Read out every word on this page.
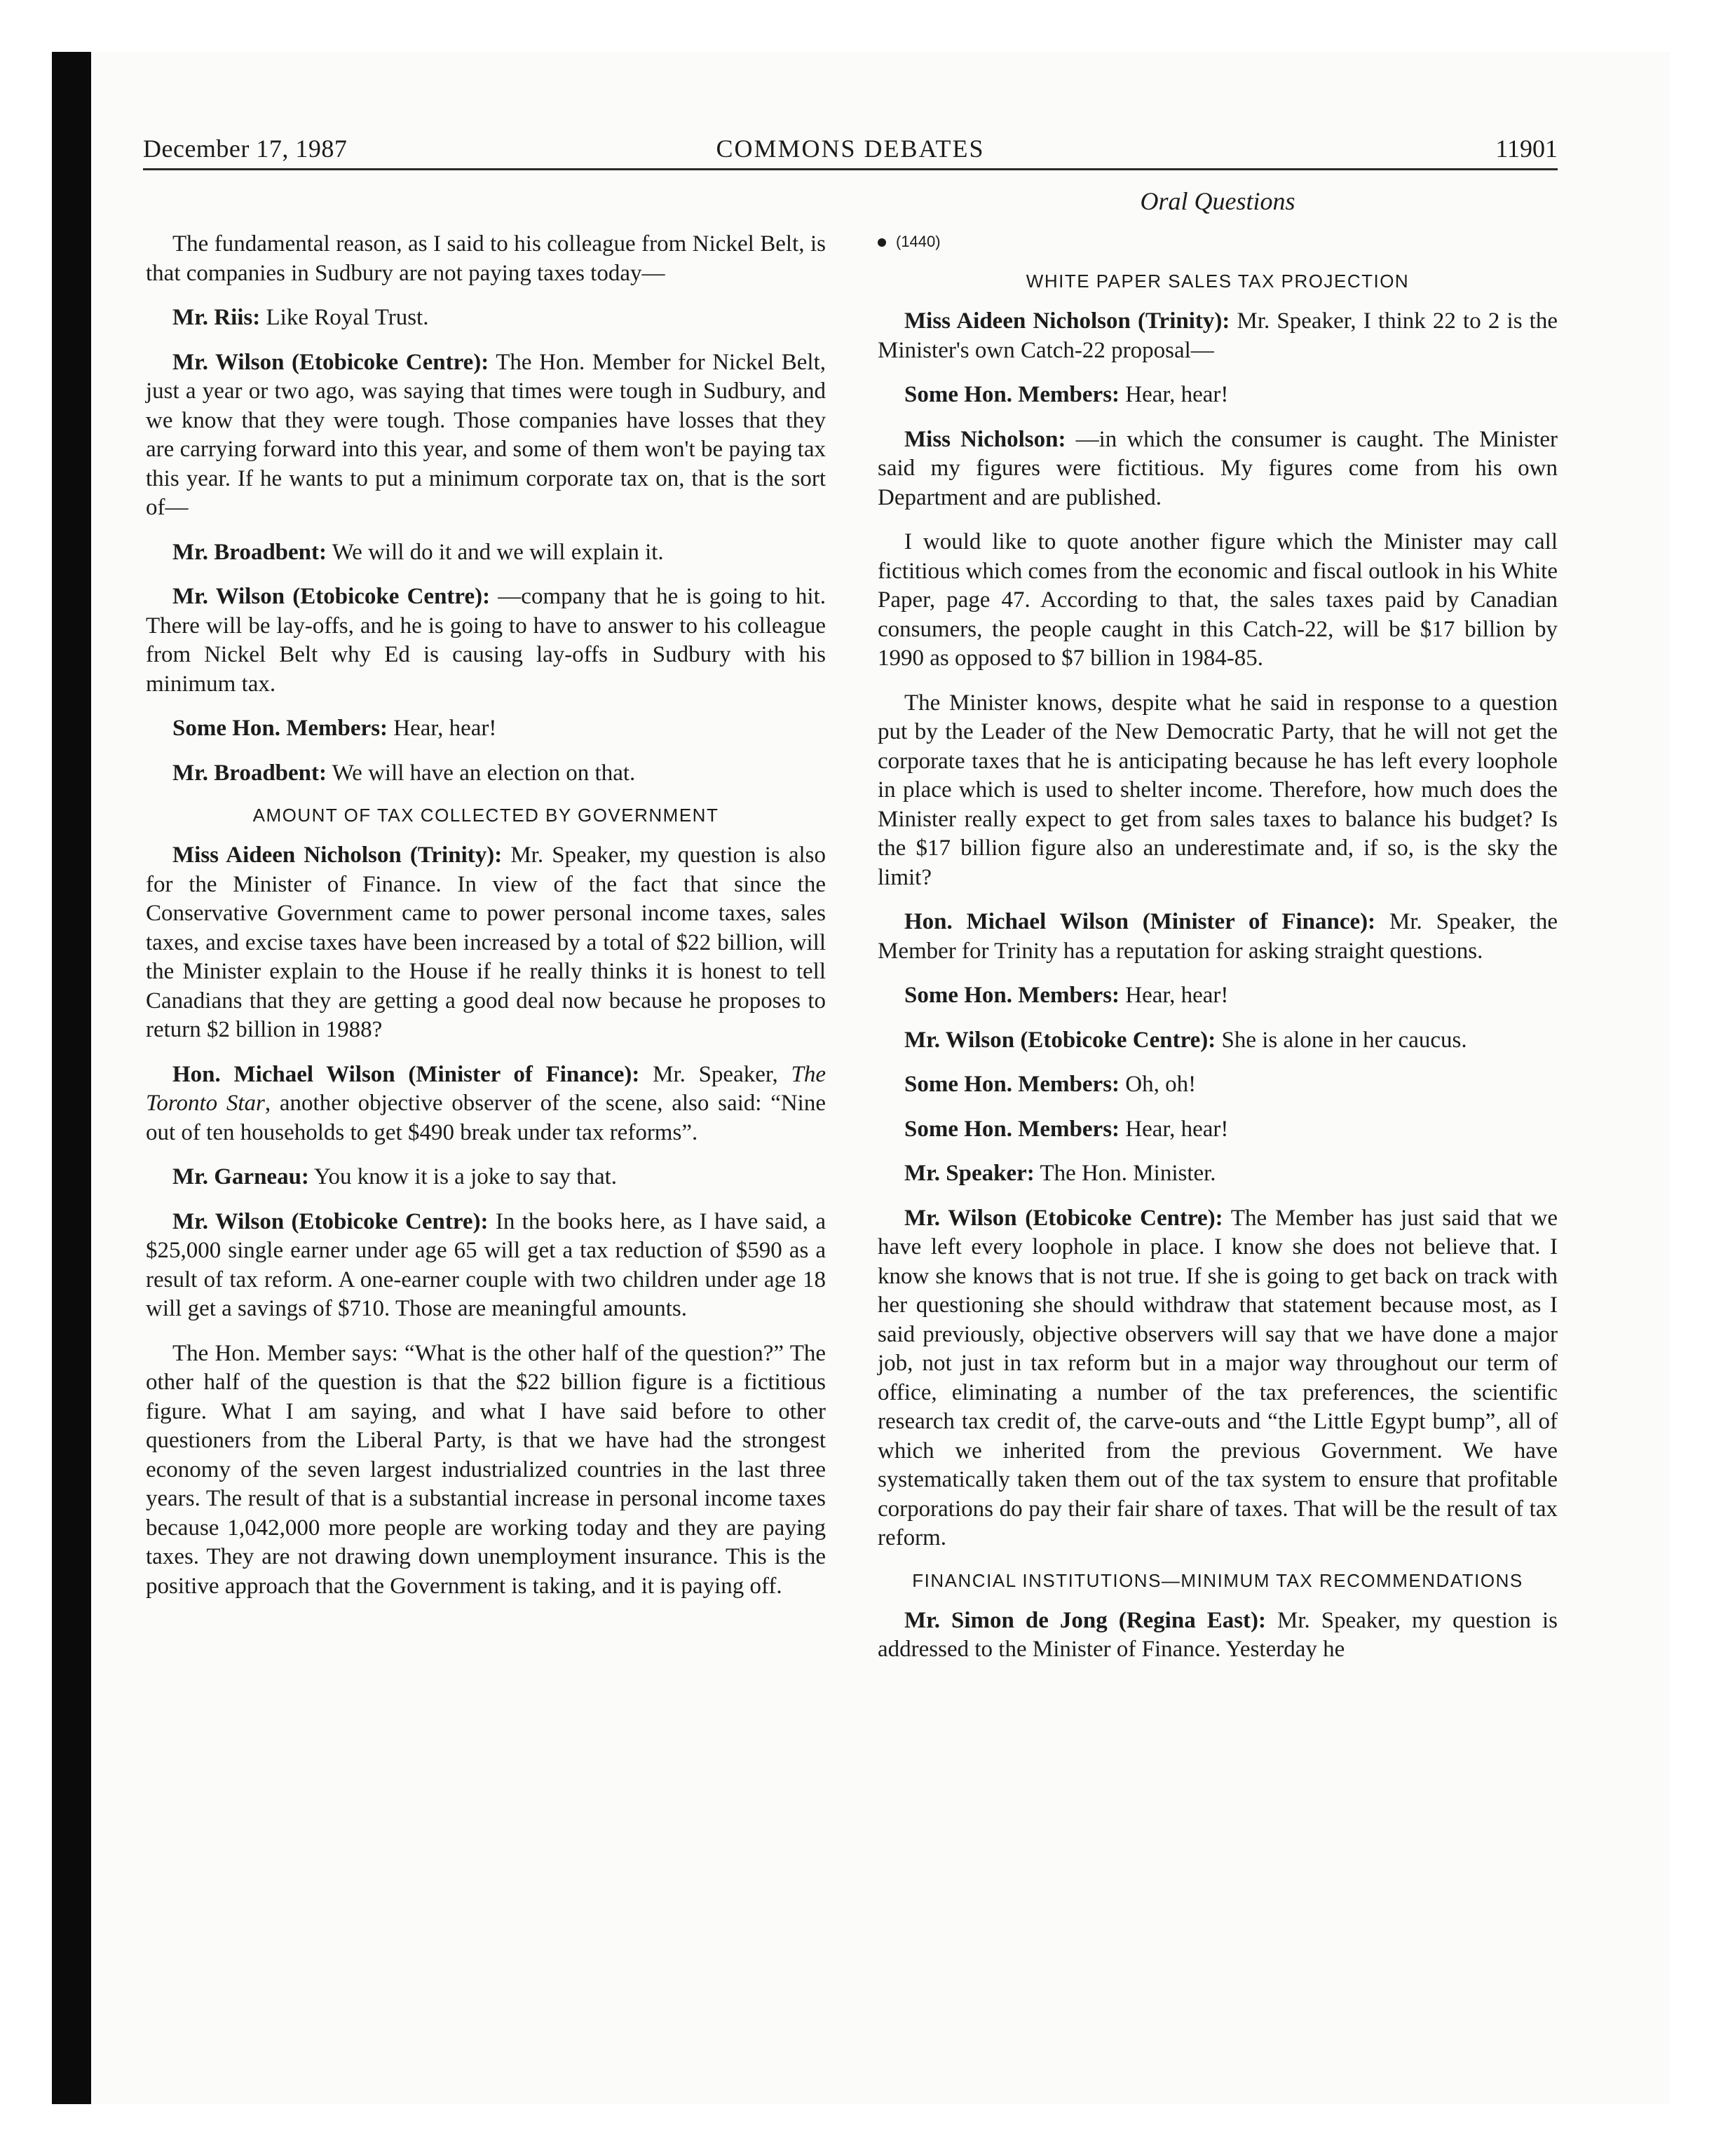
December 17, 1987	COMMONS DEBATES	11901
Oral Questions

The fundamental reason, as I said to his colleague from Nickel Belt, is that companies in Sudbury are not paying taxes today—

Mr. Riis: Like Royal Trust.

Mr. Wilson (Etobicoke Centre): The Hon. Member for Nickel Belt, just a year or two ago, was saying that times were tough in Sudbury, and we know that they were tough. Those companies have losses that they are carrying forward into this year, and some of them won't be paying tax this year. If he wants to put a minimum corporate tax on, that is the sort of—

Mr. Broadbent: We will do it and we will explain it.

Mr. Wilson (Etobicoke Centre): —company that he is going to hit. There will be lay-offs, and he is going to have to answer to his colleague from Nickel Belt why Ed is causing lay-offs in Sudbury with his minimum tax.

Some Hon. Members: Hear, hear!

Mr. Broadbent: We will have an election on that.

AMOUNT OF TAX COLLECTED BY GOVERNMENT

Miss Aideen Nicholson (Trinity): Mr. Speaker, my question is also for the Minister of Finance. In view of the fact that since the Conservative Government came to power personal income taxes, sales taxes, and excise taxes have been increased by a total of $22 billion, will the Minister explain to the House if he really thinks it is honest to tell Canadians that they are getting a good deal now because he proposes to return $2 billion in 1988?

Hon. Michael Wilson (Minister of Finance): Mr. Speaker, The Toronto Star, another objective observer of the scene, also said: “Nine out of ten households to get $490 break under tax reforms”.

Mr. Garneau: You know it is a joke to say that.

Mr. Wilson (Etobicoke Centre): In the books here, as I have said, a $25,000 single earner under age 65 will get a tax reduction of $590 as a result of tax reform. A one-earner couple with two children under age 18 will get a savings of $710. Those are meaningful amounts.

The Hon. Member says: “What is the other half of the question?” The other half of the question is that the $22 billion figure is a fictitious figure. What I am saying, and what I have said before to other questioners from the Liberal Party, is that we have had the strongest economy of the seven largest industrialized countries in the last three years. The result of that is a substantial increase in personal income taxes because 1,042,000 more people are working today and they are paying taxes. They are not drawing down unemployment insurance. This is the positive approach that the Government is taking, and it is paying off.

(1440)
WHITE PAPER SALES TAX PROJECTION

Miss Aideen Nicholson (Trinity): Mr. Speaker, I think 22 to 2 is the Minister's own Catch-22 proposal—

Some Hon. Members: Hear, hear!

Miss Nicholson: —in which the consumer is caught. The Minister said my figures were fictitious. My figures come from his own Department and are published.

I would like to quote another figure which the Minister may call fictitious which comes from the economic and fiscal outlook in his White Paper, page 47. According to that, the sales taxes paid by Canadian consumers, the people caught in this Catch-22, will be $17 billion by 1990 as opposed to $7 billion in 1984-85.

The Minister knows, despite what he said in response to a question put by the Leader of the New Democratic Party, that he will not get the corporate taxes that he is anticipating because he has left every loophole in place which is used to shelter income. Therefore, how much does the Minister really expect to get from sales taxes to balance his budget? Is the $17 billion figure also an underestimate and, if so, is the sky the limit?

Hon. Michael Wilson (Minister of Finance): Mr. Speaker, the Member for Trinity has a reputation for asking straight questions.

Some Hon. Members: Hear, hear!

Mr. Wilson (Etobicoke Centre): She is alone in her caucus.

Some Hon. Members: Oh, oh!

Some Hon. Members: Hear, hear!

Mr. Speaker: The Hon. Minister.

Mr. Wilson (Etobicoke Centre): The Member has just said that we have left every loophole in place. I know she does not believe that. I know she knows that is not true. If she is going to get back on track with her questioning she should withdraw that statement because most, as I said previously, objective observers will say that we have done a major job, not just in tax reform but in a major way throughout our term of office, eliminating a number of the tax preferences, the scientific research tax credit of, the carve-outs and “the Little Egypt bump”, all of which we inherited from the previous Government. We have systematically taken them out of the tax system to ensure that profitable corporations do pay their fair share of taxes. That will be the result of tax reform.

FINANCIAL INSTITUTIONS—MINIMUM TAX RECOMMENDATIONS

Mr. Simon de Jong (Regina East): Mr. Speaker, my question is addressed to the Minister of Finance. Yesterday he
